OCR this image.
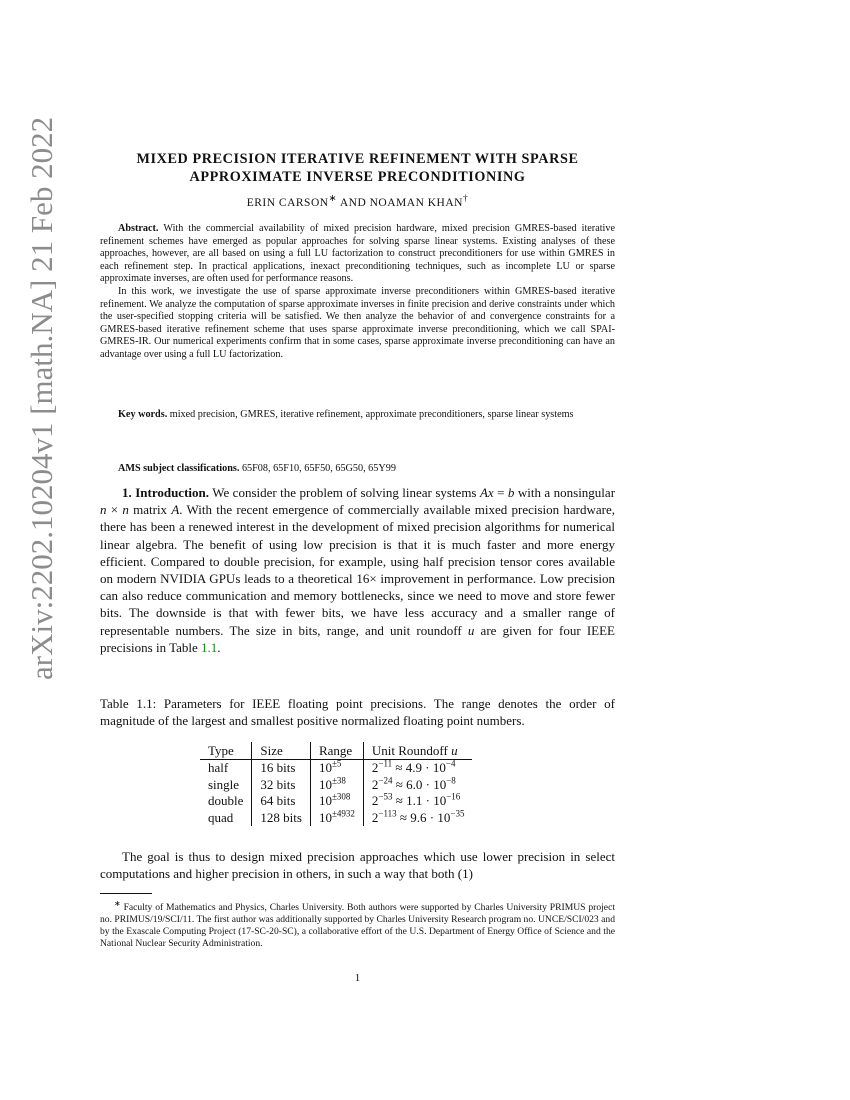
arXiv:2202.10204v1 [math.NA] 21 Feb 2022	MIXED PRECISION ITERATIVE REFINEMENT WITH SPARSE
APPROXIMATE INVERSE PRECONDITIONING
ERIN CARSON∗ AND NOAMAN KHAN†

Abstract. With the commercial availability of mixed precision hardware, mixed precision GMRES-based iterative refinement schemes have emerged as popular approaches for solving sparse linear systems. Existing analyses of these approaches, however, are all based on using a full LU factorization to construct preconditioners for use within GMRES in each refinement step. In practical applications, inexact preconditioning techniques, such as incomplete LU or sparse approximate inverses, are often used for performance reasons.

In this work, we investigate the use of sparse approximate inverse preconditioners within GMRES-based iterative refinement. We analyze the computation of sparse approximate inverses in finite precision and derive constraints under which the user-specified stopping criteria will be satisfied. We then analyze the behavior of and convergence constraints for a GMRES-based iterative refinement scheme that uses sparse approximate inverse preconditioning, which we call SPAI-GMRES-IR. Our numerical experiments confirm that in some cases, sparse approximate inverse preconditioning can have an advantage over using a full LU factorization.

Key words. mixed precision, GMRES, iterative refinement, approximate preconditioners, sparse linear systems

AMS subject classifications. 65F08, 65F10, 65F50, 65G50, 65Y99

1. Introduction. We consider the problem of solving linear systems Ax = b with a nonsingular n × n matrix A. With the recent emergence of commercially available mixed precision hardware, there has been a renewed interest in the development of mixed precision algorithms for numerical linear algebra. The benefit of using low precision is that it is much faster and more energy efficient. Compared to double precision, for example, using half precision tensor cores available on modern NVIDIA GPUs leads to a theoretical 16× improvement in performance. Low precision can also reduce communication and memory bottlenecks, since we need to move and store fewer bits. The downside is that with fewer bits, we have less accuracy and a smaller range of representable numbers. The size in bits, range, and unit roundoff u are given for four IEEE precisions in Table 1.1.

Table 1.1: Parameters for IEEE floating point precisions. The range denotes the order of magnitude of the largest and smallest positive normalized floating point numbers.

Type	Size	Range	Unit Roundoff u
half	16 bits	$10^{\pm 5}$	$2^{-11} \approx 4.9 \cdot 10^{-4}$
single	32 bits	$10^{\pm 38}$	$2^{-24} \approx 6.0 \cdot 10^{-8}$
double	64 bits	$10^{\pm 308}$	$2^{-53} \approx 1.1 \cdot 10^{-16}$
quad	128 bits	$10^{\pm 4932}$	$2^{-113} \approx 9.6 \cdot 10^{-35}$

The goal is thus to design mixed precision approaches which use lower precision in select computations and higher precision in others, in such a way that both (1)

∗ Faculty of Mathematics and Physics, Charles University. Both authors were supported by Charles University PRIMUS project no. PRIMUS/19/SCI/11. The first author was additionally supported by Charles University Research program no. UNCE/SCI/023 and by the Exascale Computing Project (17-SC-20-SC), a collaborative effort of the U.S. Department of Energy Office of Science and the National Nuclear Security Administration.

1
